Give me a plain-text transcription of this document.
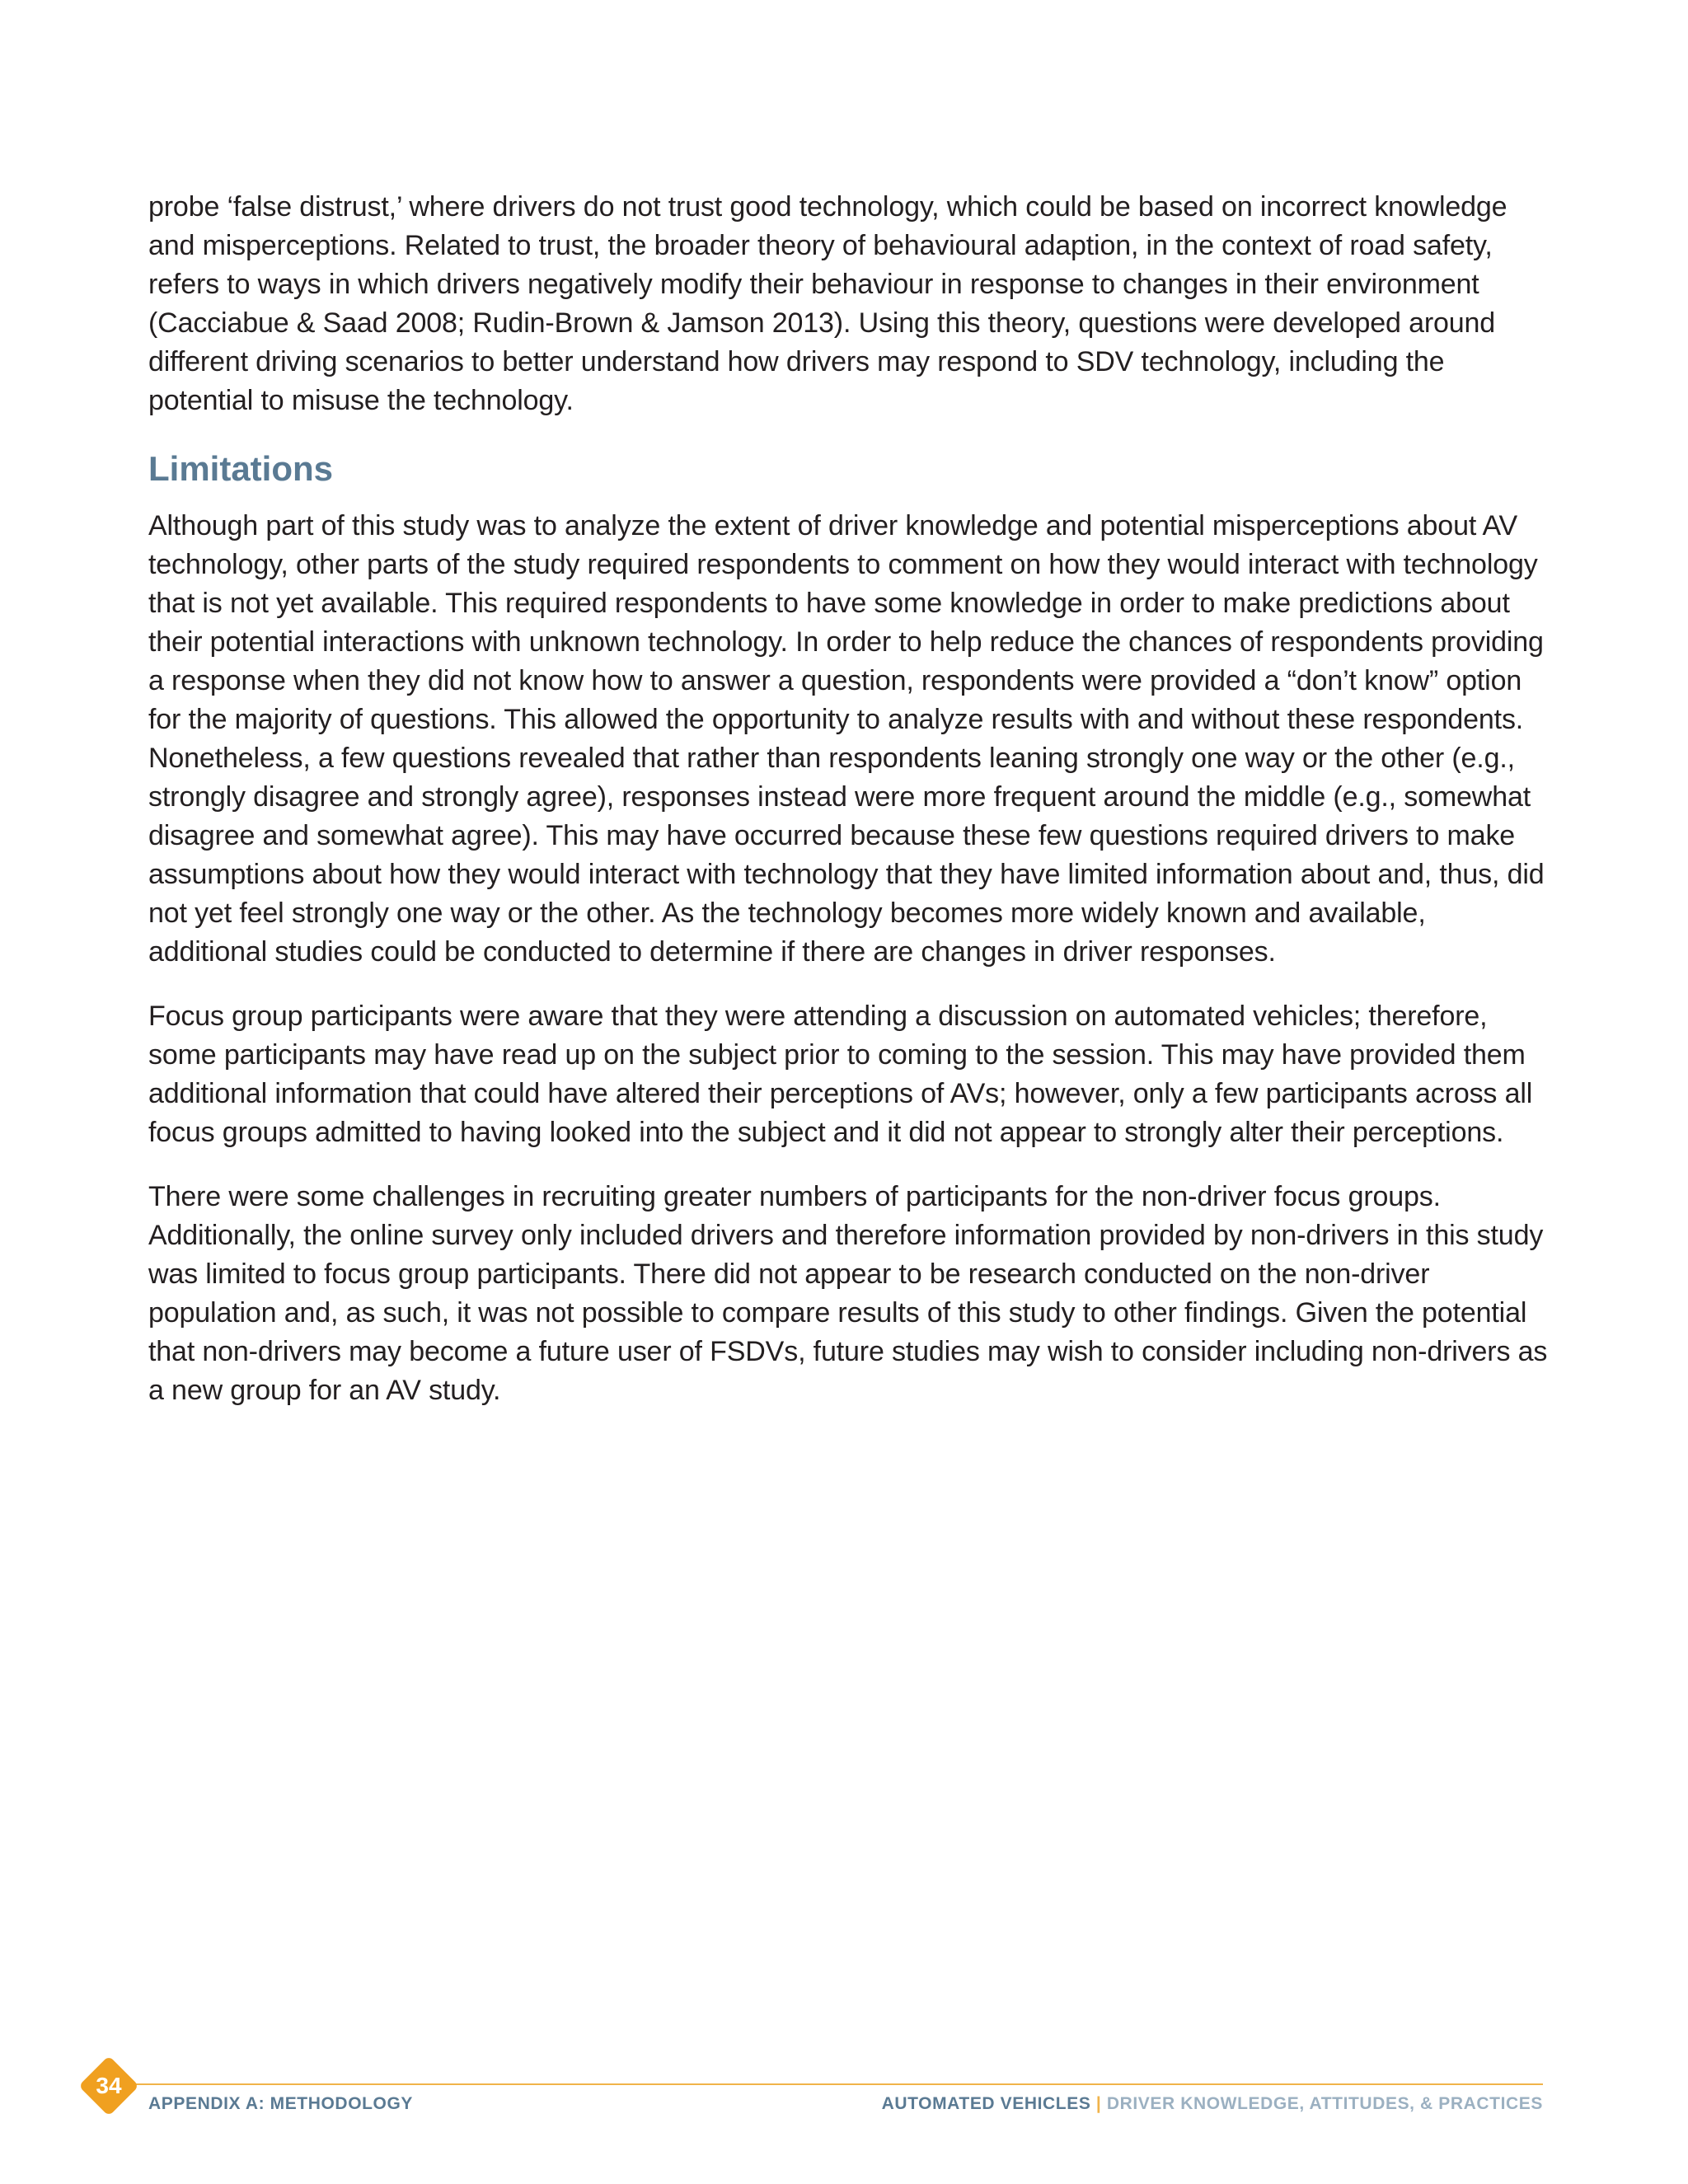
probe ‘false distrust,’ where drivers do not trust good technology, which could be based on incorrect knowledge and misperceptions. Related to trust, the broader theory of behavioural adaption, in the context of road safety, refers to ways in which drivers negatively modify their behaviour in response to changes in their environment (Cacciabue & Saad 2008; Rudin-Brown & Jamson 2013). Using this theory, questions were developed around different driving scenarios to better understand how drivers may respond to SDV technology, including the potential to misuse the technology.

Limitations

Although part of this study was to analyze the extent of driver knowledge and potential misperceptions about AV technology, other parts of the study required respondents to comment on how they would interact with technology that is not yet available. This required respondents to have some knowledge in order to make predictions about their potential interactions with unknown technology. In order to help reduce the chances of respondents providing a response when they did not know how to answer a question, respondents were provided a “don’t know” option for the majority of questions. This allowed the opportunity to analyze results with and without these respondents. Nonetheless, a few questions revealed that rather than respondents leaning strongly one way or the other (e.g., strongly disagree and strongly agree), responses instead were more frequent around the middle (e.g., somewhat disagree and somewhat agree). This may have occurred because these few questions required drivers to make assumptions about how they would interact with technology that they have limited information about and, thus, did not yet feel strongly one way or the other. As the technology becomes more widely known and available, additional studies could be conducted to determine if there are changes in driver responses.

Focus group participants were aware that they were attending a discussion on automated vehicles; therefore, some participants may have read up on the subject prior to coming to the session. This may have provided them additional information that could have altered their perceptions of AVs; however, only a few participants across all focus groups admitted to having looked into the subject and it did not appear to strongly alter their perceptions.

There were some challenges in recruiting greater numbers of participants for the non-driver focus groups. Additionally, the online survey only included drivers and therefore information provided by non-drivers in this study was limited to focus group participants. There did not appear to be research conducted on the non-driver population and, as such, it was not possible to compare results of this study to other findings. Given the potential that non-drivers may become a future user of FSDVs, future studies may wish to consider including non-drivers as a new group for an AV study.

34
APPENDIX A: METHODOLOGY	AUTOMATED VEHICLES | DRIVER KNOWLEDGE, ATTITUDES, & PRACTICES
